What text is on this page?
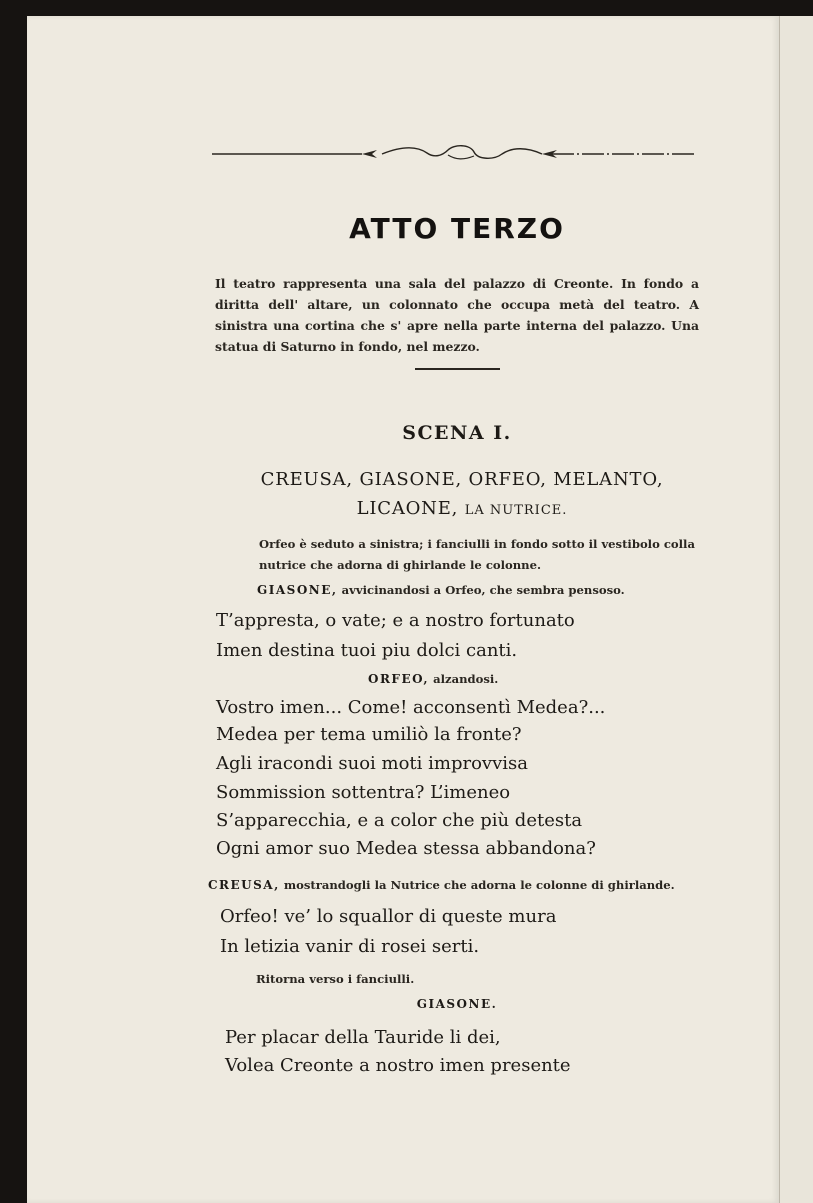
ATTO TERZO
Il teatro rappresenta una sala del palazzo di Creonte. In fondo a diritta dell' altare, un colonnato che occupa metà del teatro. A sinistra una cortina che s' apre nella parte interna del palazzo. Una statua di Saturno in fondo, nel mezzo.
SCENA I.
CREUSA, GIASONE, ORFEO, MELANTO,
LICAONE, LA NUTRICE.
Orfeo è seduto a sinistra; i fanciulli in fondo sotto il vestibolo colla nutrice che adorna di ghirlande le colonne.
GIASONE, avvicinandosi a Orfeo, che sembra pensoso.
T’appresta, o vate; e a nostro fortunato
Imen destina tuoi piu dolci canti.
ORFEO, alzandosi.
Vostro imen... Come! acconsentì Medea?...
Medea per tema umiliò la fronte?
Agli iracondi suoi moti improvvisa
Sommission sottentra? L’imeneo
S’apparecchia, e a color che più detesta
Ogni amor suo Medea stessa abbandona?
CREUSA, mostrandogli la Nutrice che adorna le colonne di ghirlande.
Orfeo! ve’ lo squallor di queste mura
In letizia vanir di rosei serti.
Ritorna verso i fanciulli.
GIASONE.
Per placar della Tauride li dei,
Volea Creonte a nostro imen presente
